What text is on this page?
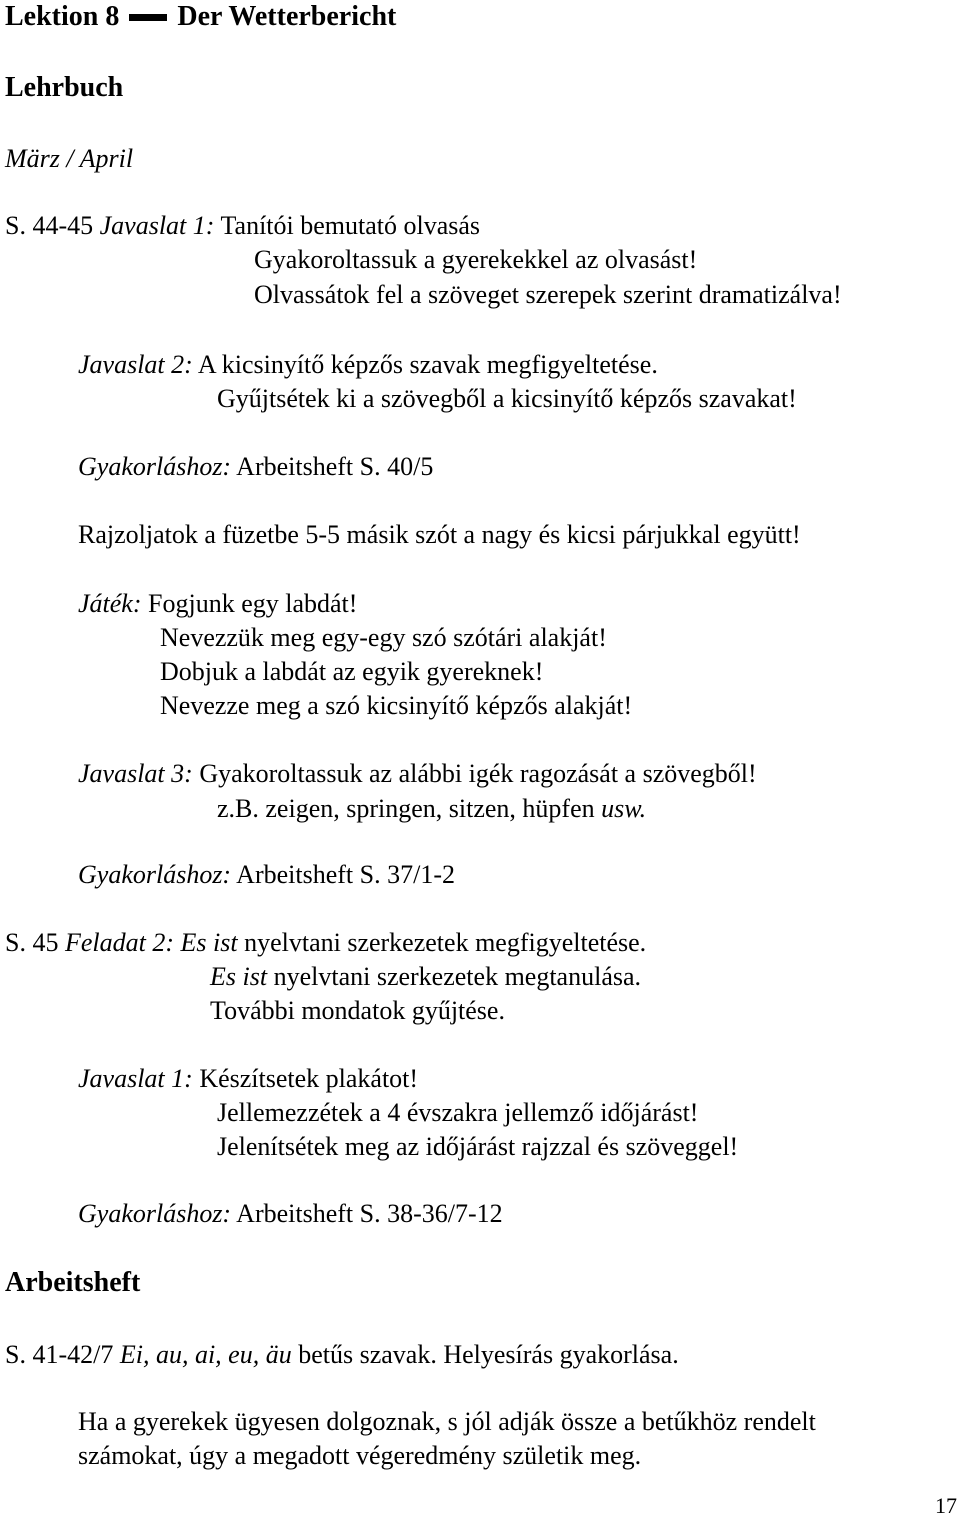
Lektion 8 Der Wetterbericht
Lehrbuch
März / April
S. 44-45 Javaslat 1: Tanítói bemutató olvasás
Gyakoroltassuk a gyerekekkel az olvasást!
Olvassátok fel a szöveget szerepek szerint dramatizálva!
Javaslat 2: A kicsinyítő képzős szavak megfigyeltetése.
Gyűjtsétek ki a szövegből a kicsinyítő képzős szavakat!
Gyakorláshoz: Arbeitsheft S. 40/5
Rajzoljatok a füzetbe 5-5 másik szót a nagy és kicsi párjukkal együtt!
Játék: Fogjunk egy labdát!
Nevezzük meg egy-egy szó szótári alakját!
Dobjuk a labdát az egyik gyereknek!
Nevezze meg a szó kicsinyítő képzős alakját!
Javaslat 3: Gyakoroltassuk az alábbi igék ragozását a szövegből!
z.B. zeigen, springen, sitzen, hüpfen usw.
Gyakorláshoz: Arbeitsheft S. 37/1-2
S. 45 Feladat 2: Es ist nyelvtani szerkezetek megfigyeltetése.
Es ist nyelvtani szerkezetek megtanulása.
További mondatok gyűjtése.
Javaslat 1: Készítsetek plakátot!
Jellemezzétek a 4 évszakra jellemző időjárást!
Jelenítsétek meg az időjárást rajzzal és szöveggel!
Gyakorláshoz: Arbeitsheft S. 38-36/7-12
Arbeitsheft
S. 41-42/7 Ei, au, ai, eu, äu betűs szavak. Helyesírás gyakorlása.
Ha a gyerekek ügyesen dolgoznak, s jól adják össze a betűkhöz rendelt
számokat, úgy a megadott végeredmény születik meg.
17
